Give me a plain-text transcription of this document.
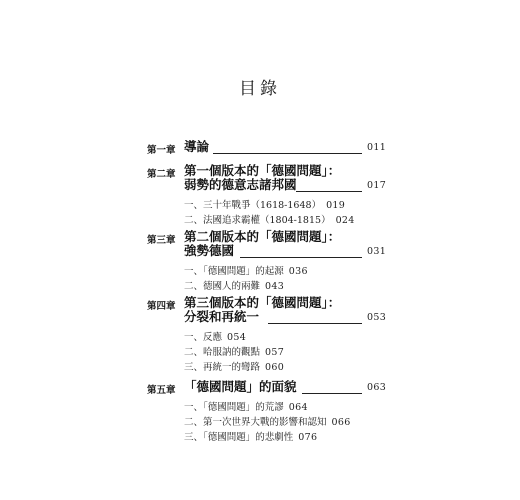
目錄
第一章 導論	011
第二章 第一個版本的「德國問題」：
弱勢的德意志諸邦國	017
一、三十年戰爭（1618-1648） 019
二、法國追求霸權（1804-1815） 024
第三章 第二個版本的「德國問題」：
強勢德國	031
一、「德國問題」的起源 036
二、德國人的兩難 043
第四章 第三個版本的「德國問題」：
分裂和再統一	053
一、反應 054
二、哈服訥的觀點 057
三、再統一的彎路 060
第五章 「德國問題」的面貌	063
一、「德國問題」的荒謬 064
二、第一次世界大戰的影響和認知 066
三、「德國問題」的悲劇性 076
